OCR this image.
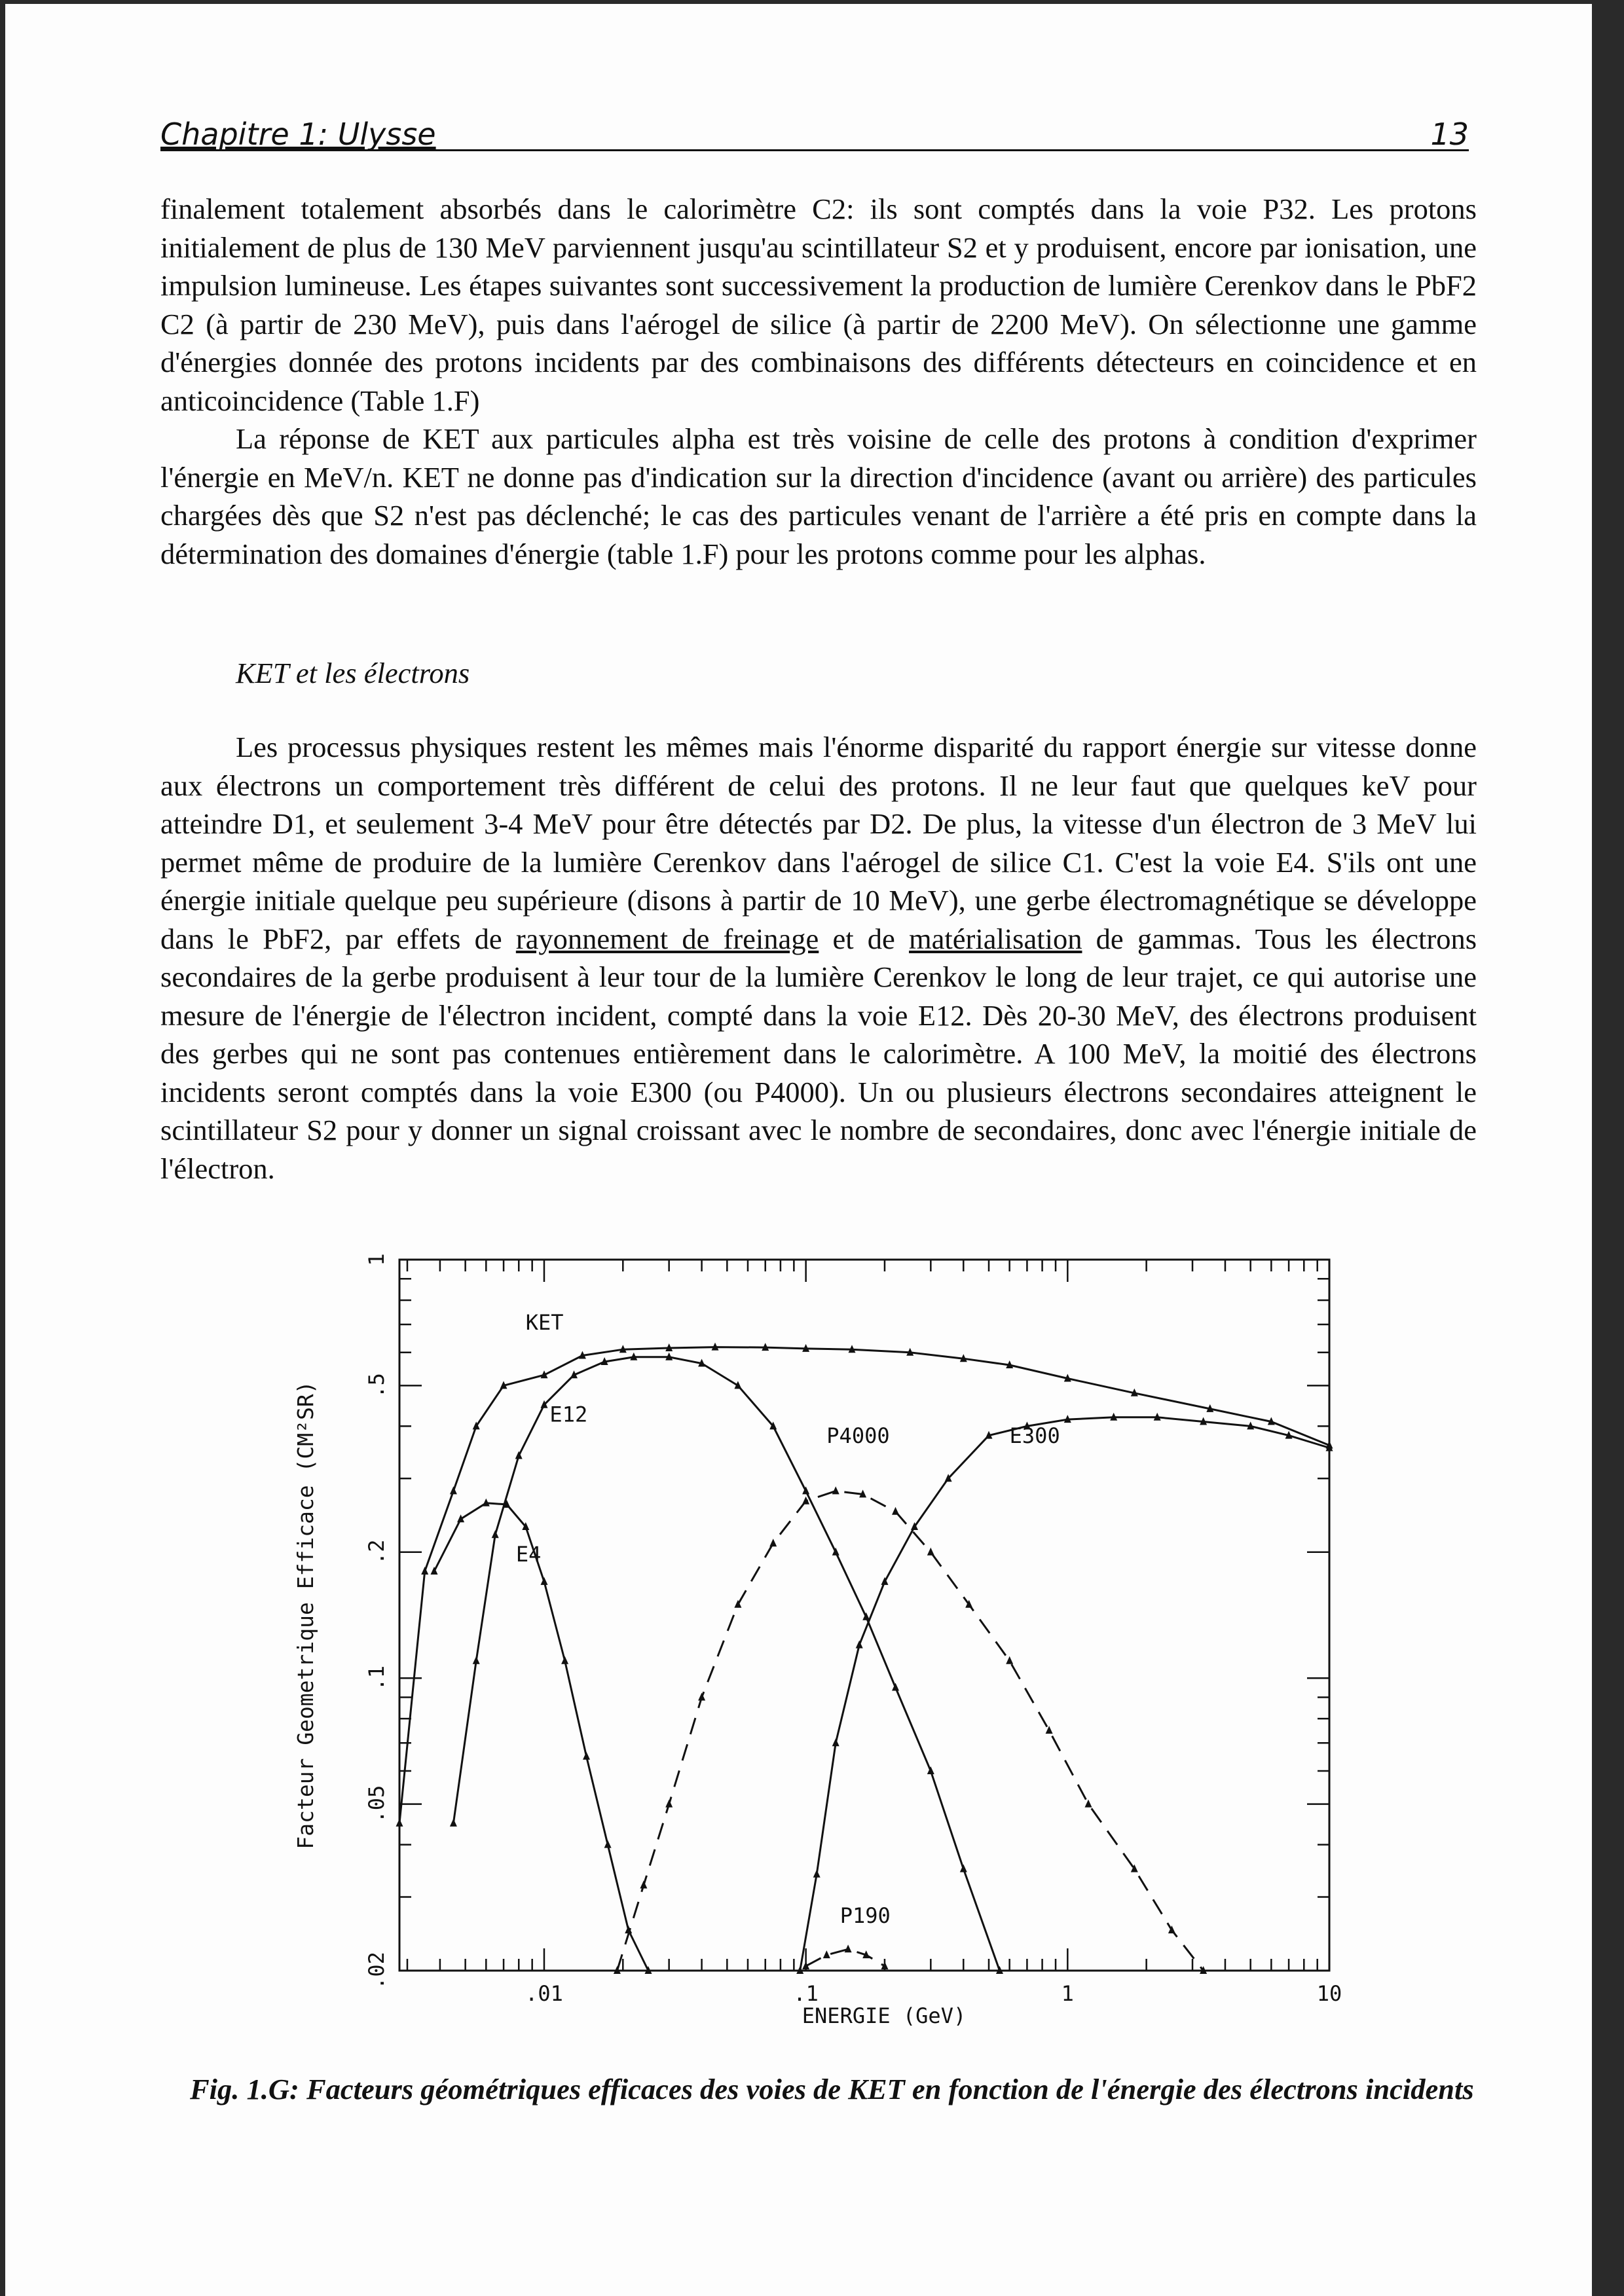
Chapitre 1: Ulysse	13

finalement totalement absorbés dans le calorimètre C2: ils sont comptés dans la voie P32. Les protons initialement de plus de 130 MeV parviennent jusqu'au scintillateur S2 et y produisent, encore par ionisation, une impulsion lumineuse. Les étapes suivantes sont successivement la production de lumière Cerenkov dans le PbF2 C2 (à partir de 230 MeV), puis dans l'aérogel de silice (à partir de 2200 MeV). On sélectionne une gamme d'énergies donnée des protons incidents par des combinaisons des différents détecteurs en coincidence et en anticoincidence (Table 1.F)

La réponse de KET aux particules alpha est très voisine de celle des protons à condition d'exprimer l'énergie en MeV/n. KET ne donne pas d'indication sur la direction d'incidence (avant ou arrière) des particules chargées dès que S2 n'est pas déclenché; le cas des particules venant de l'arrière a été pris en compte dans la détermination des domaines d'énergie (table 1.F) pour les protons comme pour les alphas.

KET et les électrons

Les processus physiques restent les mêmes mais l'énorme disparité du rapport énergie sur vitesse donne aux électrons un comportement très différent de celui des protons. Il ne leur faut que quelques keV pour atteindre D1, et seulement 3-4 MeV pour être détectés par D2. De plus, la vitesse d'un électron de 3 MeV lui permet même de produire de la lumière Cerenkov dans l'aérogel de silice C1. C'est la voie E4. S'ils ont une énergie initiale quelque peu supérieure (disons à partir de 10 MeV), une gerbe électromagnétique se développe dans le PbF2, par effets de rayonnement de freinage et de matérialisation de gammas. Tous les électrons secondaires de la gerbe produisent à leur tour de la lumière Cerenkov le long de leur trajet, ce qui autorise une mesure de l'énergie de l'électron incident, compté dans la voie E12. Dès 20-30 MeV, des électrons produisent des gerbes qui ne sont pas contenues entièrement dans le calorimètre. A 100 MeV, la moitié des électrons incidents seront comptés dans la voie E300 (ou P4000). Un ou plusieurs électrons secondaires atteignent le scintillateur S2 pour y donner un signal croissant avec le nombre de secondaires, donc avec l'énergie initiale de l'électron.

.01	.1	1	10
.02
.05
.1
.2
.5
1
ENERGIE (GeV)
Facteur Geometrique Efficace (CM²SR)
KET
E12
E4
P4000	E300
P190
Fig. 1.G: Facteurs géométriques efficaces des voies de KET en fonction de l'énergie des électrons incidents
